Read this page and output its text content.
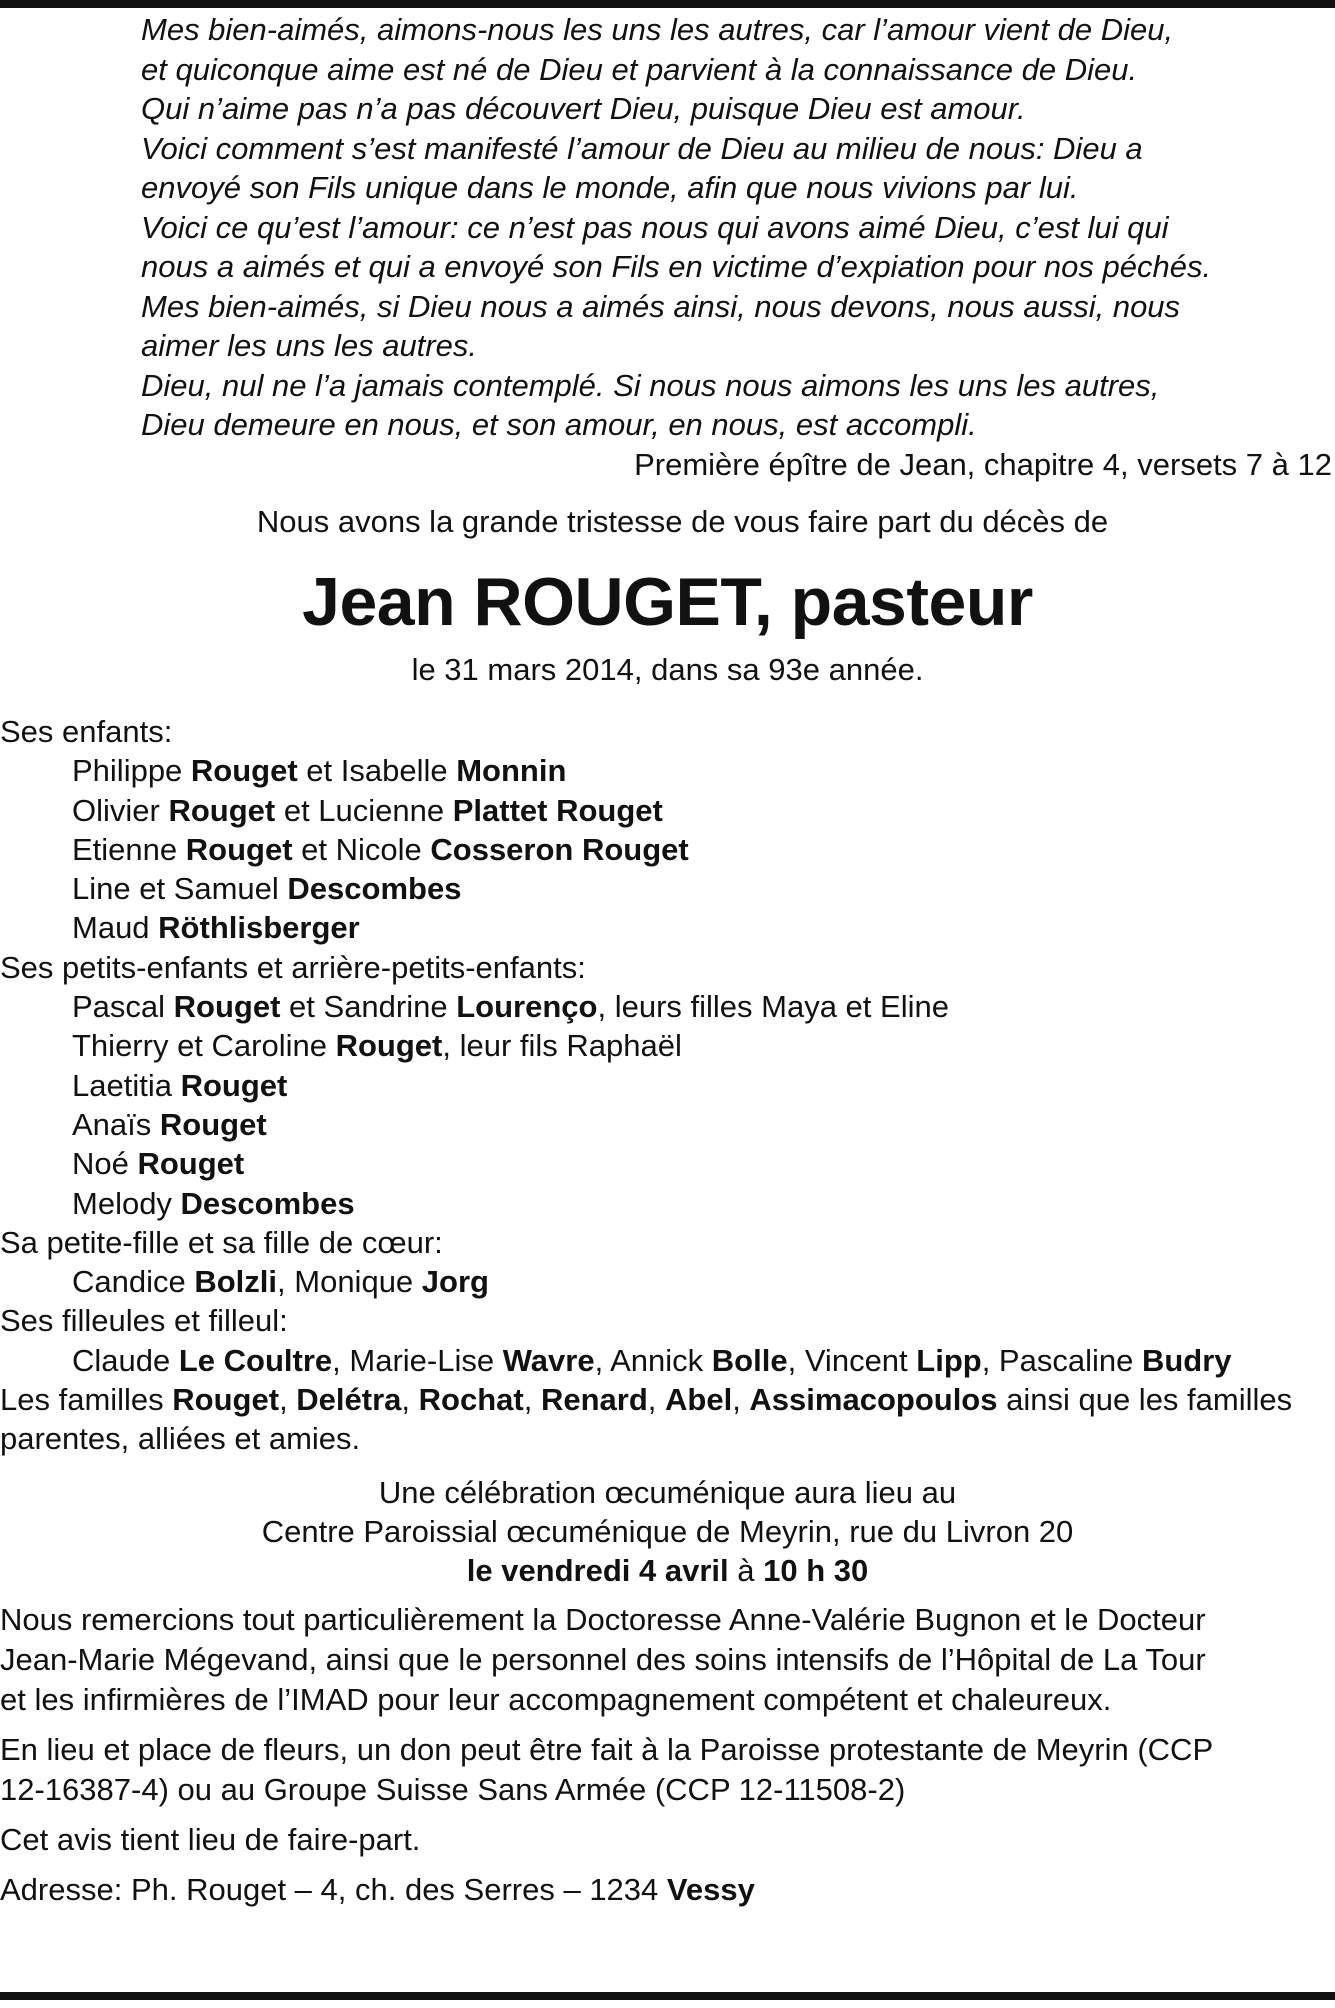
Mes bien-aimés, aimons-nous les uns les autres, car l’amour vient de Dieu,
et quiconque aime est né de Dieu et parvient à la connaissance de Dieu.
Qui n’aime pas n’a pas découvert Dieu, puisque Dieu est amour.
Voici comment s’est manifesté l’amour de Dieu au milieu de nous: Dieu a
envoyé son Fils unique dans le monde, afin que nous vivions par lui.
Voici ce qu’est l’amour: ce n’est pas nous qui avons aimé Dieu, c’est lui qui
nous a aimés et qui a envoyé son Fils en victime d’expiation pour nos péchés.
Mes bien-aimés, si Dieu nous a aimés ainsi, nous devons, nous aussi, nous
aimer les uns les autres.
Dieu, nul ne l’a jamais contemplé. Si nous nous aimons les uns les autres,
Dieu demeure en nous, et son amour, en nous, est accompli.
Première épître de Jean, chapitre 4, versets 7 à 12
Nous avons la grande tristesse de vous faire part du décès de
Jean ROUGET, pasteur
le 31 mars 2014, dans sa 93e année.
Ses enfants:
Philippe Rouget et Isabelle Monnin
Olivier Rouget et Lucienne Plattet Rouget
Etienne Rouget et Nicole Cosseron Rouget
Line et Samuel Descombes
Maud Röthlisberger
Ses petits-enfants et arrière-petits-enfants:
Pascal Rouget et Sandrine Lourenço, leurs filles Maya et Eline
Thierry et Caroline Rouget, leur fils Raphaël
Laetitia Rouget
Anaïs Rouget
Noé Rouget
Melody Descombes
Sa petite-fille et sa fille de cœur:
Candice Bolzli, Monique Jorg
Ses filleules et filleul:
Claude Le Coultre, Marie-Lise Wavre, Annick Bolle, Vincent Lipp, Pascaline Budry
Les familles Rouget, Delétra, Rochat, Renard, Abel, Assimacopoulos ainsi que les familles
parentes, alliées et amies.
Une célébration œcuménique aura lieu au
Centre Paroissial œcuménique de Meyrin, rue du Livron 20
le vendredi 4 avril à 10 h 30
Nous remercions tout particulièrement la Doctoresse Anne-Valérie Bugnon et le Docteur
Jean-Marie Mégevand, ainsi que le personnel des soins intensifs de l’Hôpital de La Tour
et les infirmières de l’IMAD pour leur accompagnement compétent et chaleureux.
En lieu et place de fleurs, un don peut être fait à la Paroisse protestante de Meyrin (CCP
12-16387-4) ou au Groupe Suisse Sans Armée (CCP 12-11508-2)
Cet avis tient lieu de faire-part.
Adresse: Ph. Rouget – 4, ch. des Serres – 1234 Vessy
